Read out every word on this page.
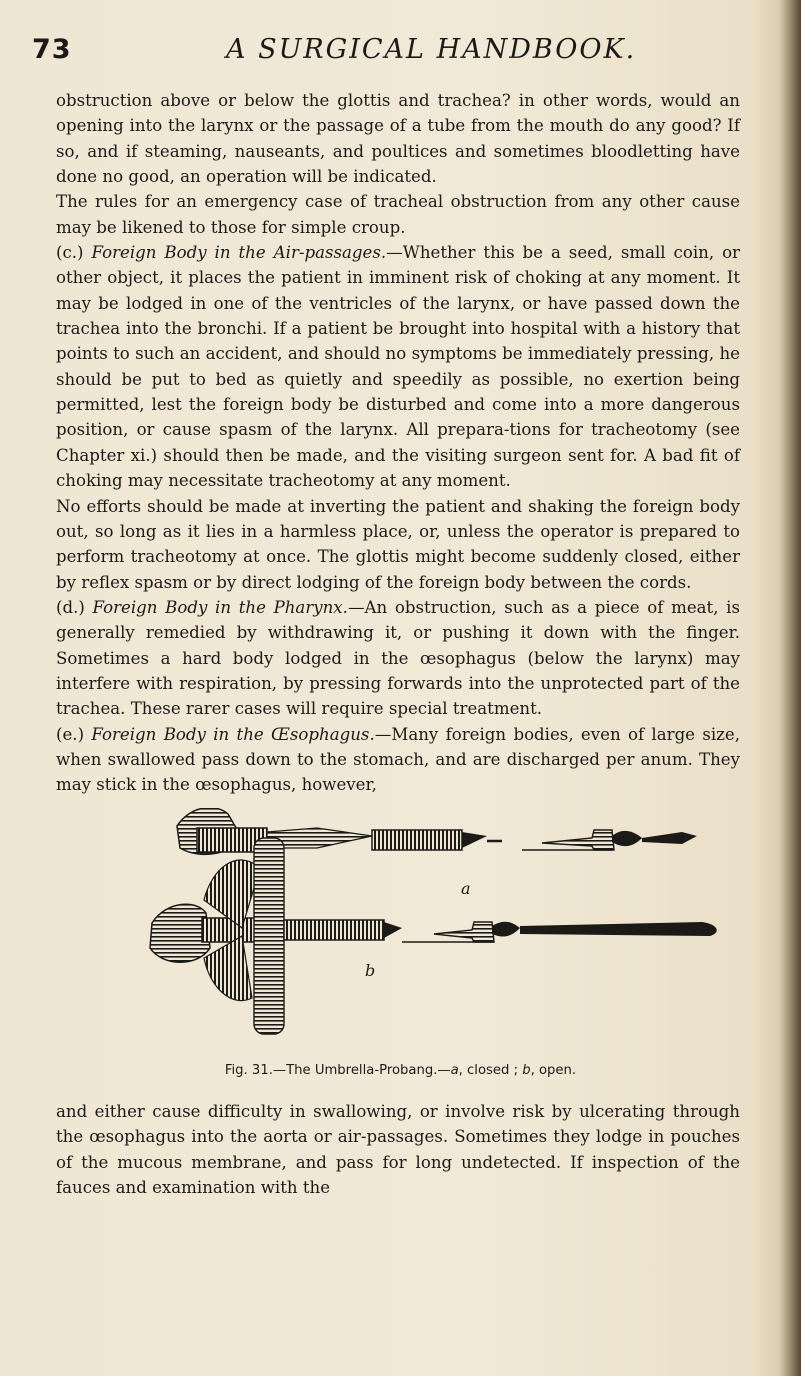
73	A SURGICAL HANDBOOK.

obstruction above or below the glottis and trachea? in other words, would an opening into the larynx or the passage of a tube from the mouth do any good? If so, and if steaming, nauseants, and poultices and sometimes bloodletting have done no good, an operation will be indicated.

The rules for an emergency case of tracheal obstruction from any other cause may be likened to those for simple croup.

(c.) Foreign Body in the Air-passages.—Whether this be a seed, small coin, or other object, it places the patient in imminent risk of choking at any moment. It may be lodged in one of the ventricles of the larynx, or have passed down the trachea into the bronchi. If a patient be brought into hospital with a history that points to such an accident, and should no symptoms be immediately pressing, he should be put to bed as quietly and speedily as possible, no exertion being permitted, lest the foreign body be disturbed and come into a more dangerous position, or cause spasm of the larynx. All prepara-tions for tracheotomy (see Chapter xi.) should then be made, and the visiting surgeon sent for. A bad fit of choking may necessitate tracheotomy at any moment.

No efforts should be made at inverting the patient and shaking the foreign body out, so long as it lies in a harmless place, or, unless the operator is prepared to perform tracheotomy at once. The glottis might become suddenly closed, either by reflex spasm or by direct lodging of the foreign body between the cords.

(d.) Foreign Body in the Pharynx.—An obstruction, such as a piece of meat, is generally remedied by withdrawing it, or pushing it down with the finger. Sometimes a hard body lodged in the œsophagus (below the larynx) may interfere with respiration, by pressing forwards into the unprotected part of the trachea. These rarer cases will require special treatment.

(e.) Foreign Body in the Œsophagus.—Many foreign bodies, even of large size, when swallowed pass down to the stomach, and are discharged per anum. They may stick in the œsophagus, however,

a
b
Fig. 31.—The Umbrella-Probang.—a, closed ; b, open.

and either cause difficulty in swallowing, or involve risk by ulcerating through the œsophagus into the aorta or air-passages. Sometimes they lodge in pouches of the mucous membrane, and pass for long undetected. If inspection of the fauces and examination with the
